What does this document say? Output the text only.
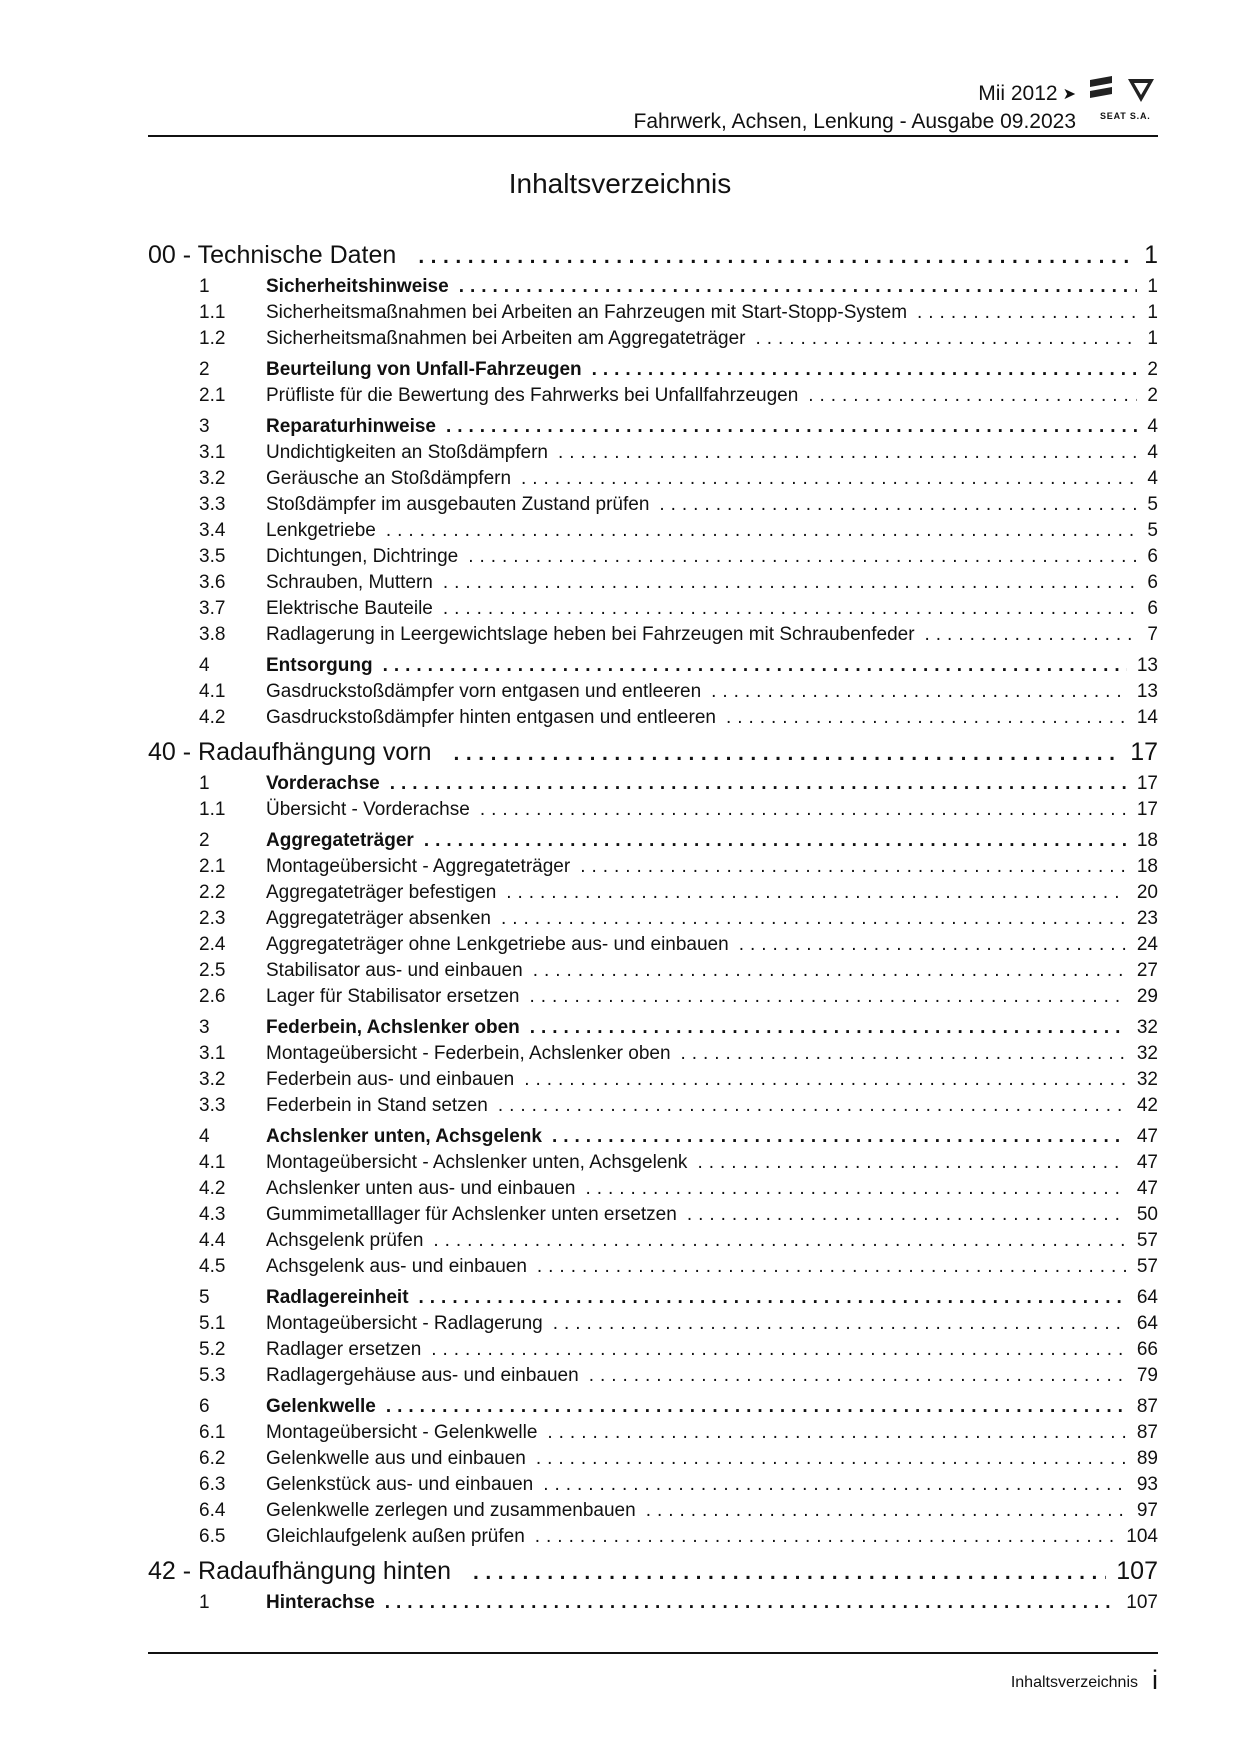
Mii 2012 ➤
Fahrwerk, Achsen, Lenkung - Ausgabe 09.2023	SEAT S.A.
Inhaltsverzeichnis
00 - Technische Daten . . .	1
1	Sicherheitshinweise . . .	1
1.1	Sicherheitsmaßnahmen bei Arbeiten an Fahrzeugen mit Start-Stopp-System . . .	1
1.2	Sicherheitsmaßnahmen bei Arbeiten am Aggregateträger . . .	1
2	Beurteilung von Unfall-Fahrzeugen . . .	2
2.1	Prüfliste für die Bewertung des Fahrwerks bei Unfallfahrzeugen . . .	2
3	Reparaturhinweise . . .	4
3.1	Undichtigkeiten an Stoßdämpfern . . .	4
3.2	Geräusche an Stoßdämpfern . . .	4
3.3	Stoßdämpfer im ausgebauten Zustand prüfen . . .	5
3.4	Lenkgetriebe . . .	5
3.5	Dichtungen, Dichtringe . . .	6
3.6	Schrauben, Muttern . . .	6
3.7	Elektrische Bauteile . . .	6
3.8	Radlagerung in Leergewichtslage heben bei Fahrzeugen mit Schraubenfeder . . .	7
4	Entsorgung . . .	13
4.1	Gasdruckstoßdämpfer vorn entgasen und entleeren . . .	13
4.2	Gasdruckstoßdämpfer hinten entgasen und entleeren . . .	14
40 - Radaufhängung vorn . . .	17
1	Vorderachse . . .	17
1.1	Übersicht - Vorderachse . . .	17
2	Aggregateträger . . .	18
2.1	Montageübersicht - Aggregateträger . . .	18
2.2	Aggregateträger befestigen . . .	20
2.3	Aggregateträger absenken . . .	23
2.4	Aggregateträger ohne Lenkgetriebe aus- und einbauen . . .	24
2.5	Stabilisator aus- und einbauen . . .	27
2.6	Lager für Stabilisator ersetzen . . .	29
3	Federbein, Achslenker oben . . .	32
3.1	Montageübersicht - Federbein, Achslenker oben . . .	32
3.2	Federbein aus- und einbauen . . .	32
3.3	Federbein in Stand setzen . . .	42
4	Achslenker unten, Achsgelenk . . .	47
4.1	Montageübersicht - Achslenker unten, Achsgelenk . . .	47
4.2	Achslenker unten aus- und einbauen . . .	47
4.3	Gummimetalllager für Achslenker unten ersetzen . . .	50
4.4	Achsgelenk prüfen . . .	57
4.5	Achsgelenk aus- und einbauen . . .	57
5	Radlagereinheit . . .	64
5.1	Montageübersicht - Radlagerung . . .	64
5.2	Radlager ersetzen . . .	66
5.3	Radlagergehäuse aus- und einbauen . . .	79
6	Gelenkwelle . . .	87
6.1	Montageübersicht - Gelenkwelle . . .	87
6.2	Gelenkwelle aus und einbauen . . .	89
6.3	Gelenkstück aus- und einbauen . . .	93
6.4	Gelenkwelle zerlegen und zusammenbauen . . .	97
6.5	Gleichlaufgelenk außen prüfen . . .	104
42 - Radaufhängung hinten . . .	107
1	Hinterachse . . .	107
Inhaltsverzeichnis i
